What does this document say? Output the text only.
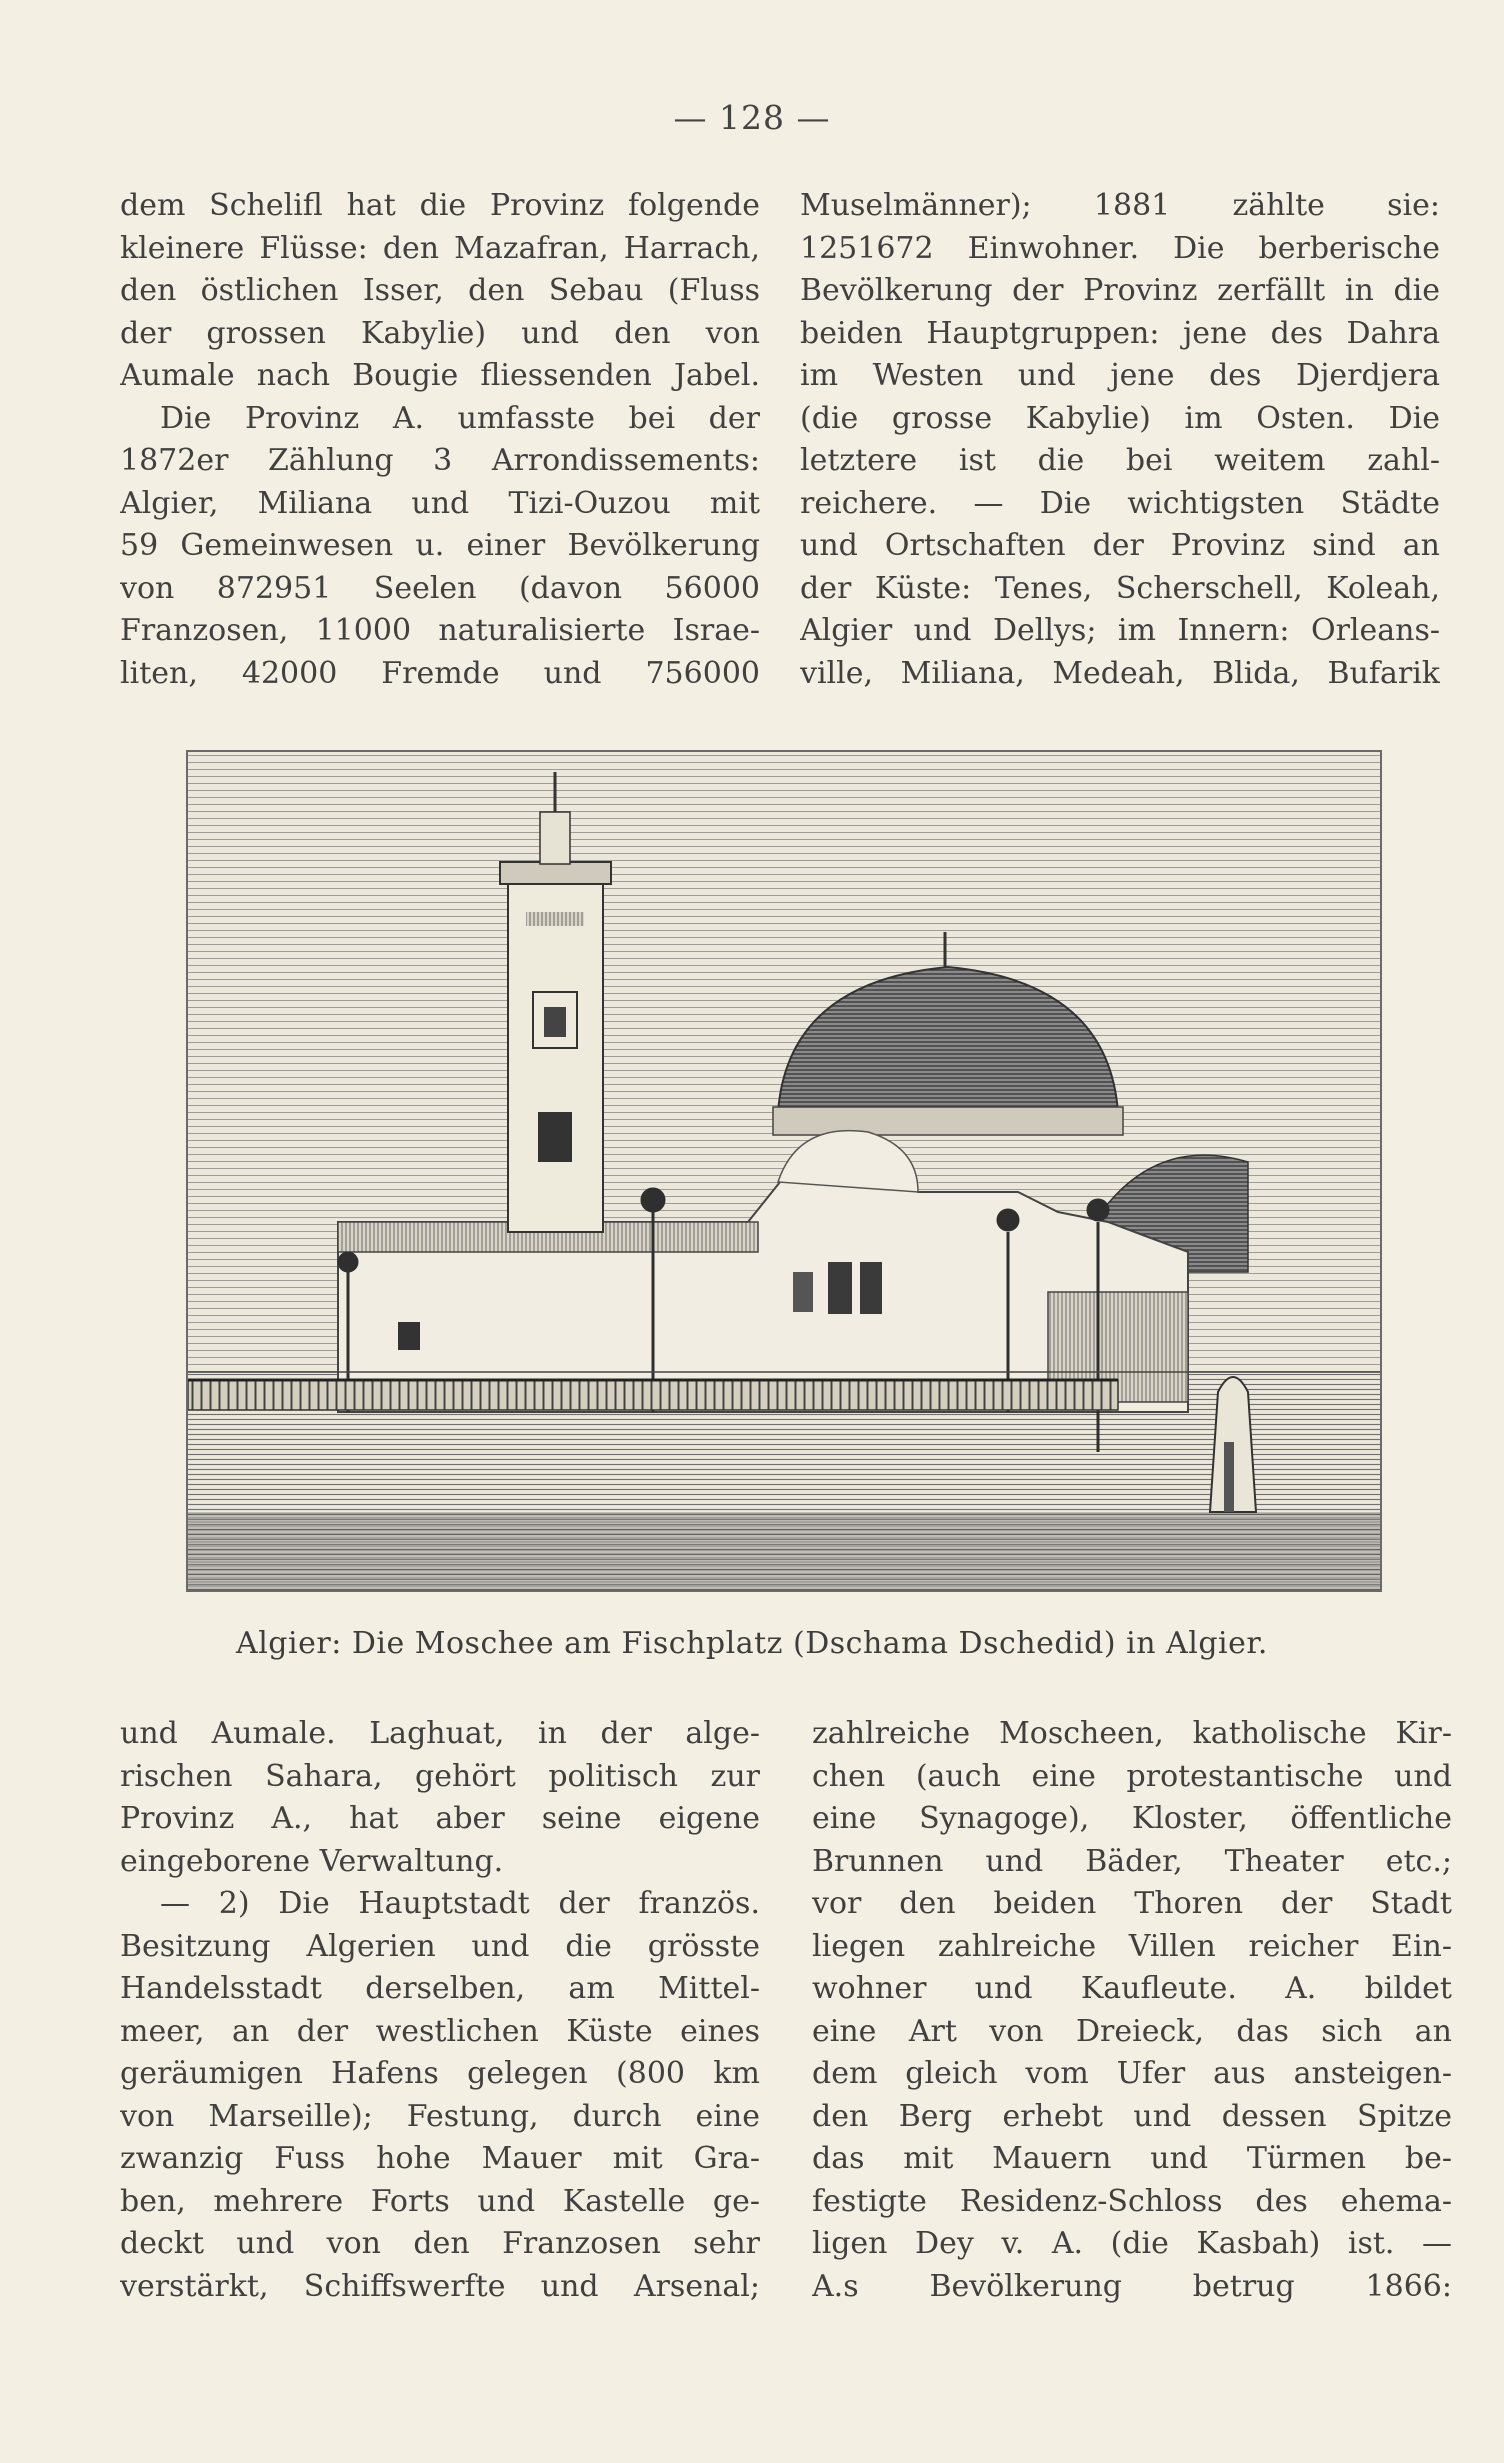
— 128 —
dem Schelifl hat die Provinz folgende
kleinere Flüsse: den Mazafran, Harrach,
den östlichen Isser, den Sebau (Fluss
der grossen Kabylie) und den von
Aumale nach Bougie fliessenden Jabel.
Die Provinz A. umfasste bei der
1872er Zählung 3 Arrondissements:
Algier, Miliana und Tizi-Ouzou mit
59 Gemeinwesen u. einer Bevölkerung
von 872951 Seelen (davon 56000
Franzosen, 11000 naturalisierte Israe-
liten, 42000 Fremde und 756000
Muselmänner); 1881 zählte sie:
1251672 Einwohner. Die berberische
Bevölkerung der Provinz zerfällt in die
beiden Hauptgruppen: jene des Dahra
im Westen und jene des Djerdjera
(die grosse Kabylie) im Osten. Die
letztere ist die bei weitem zahl-
reichere. — Die wichtigsten Städte
und Ortschaften der Provinz sind an
der Küste: Tenes, Scherschell, Koleah,
Algier und Dellys; im Innern: Orleans-
ville, Miliana, Medeah, Blida, Bufarik
Algier: Die Moschee am Fischplatz (Dschama Dschedid) in Algier.
und Aumale. Laghuat, in der alge-
rischen Sahara, gehört politisch zur
Provinz A., hat aber seine eigene
eingeborene Verwaltung.
— 2) Die Hauptstadt der französ.
Besitzung Algerien und die grösste
Handelsstadt derselben, am Mittel-
meer, an der westlichen Küste eines
geräumigen Hafens gelegen (800 km
von Marseille); Festung, durch eine
zwanzig Fuss hohe Mauer mit Gra-
ben, mehrere Forts und Kastelle ge-
deckt und von den Franzosen sehr
verstärkt, Schiffswerfte und Arsenal;
zahlreiche Moscheen, katholische Kir-
chen (auch eine protestantische und
eine Synagoge), Kloster, öffentliche
Brunnen und Bäder, Theater etc.;
vor den beiden Thoren der Stadt
liegen zahlreiche Villen reicher Ein-
wohner und Kaufleute. A. bildet
eine Art von Dreieck, das sich an
dem gleich vom Ufer aus ansteigen-
den Berg erhebt und dessen Spitze
das mit Mauern und Türmen be-
festigte Residenz-Schloss des ehema-
ligen Dey v. A. (die Kasbah) ist. —
A.s Bevölkerung betrug 1866:
